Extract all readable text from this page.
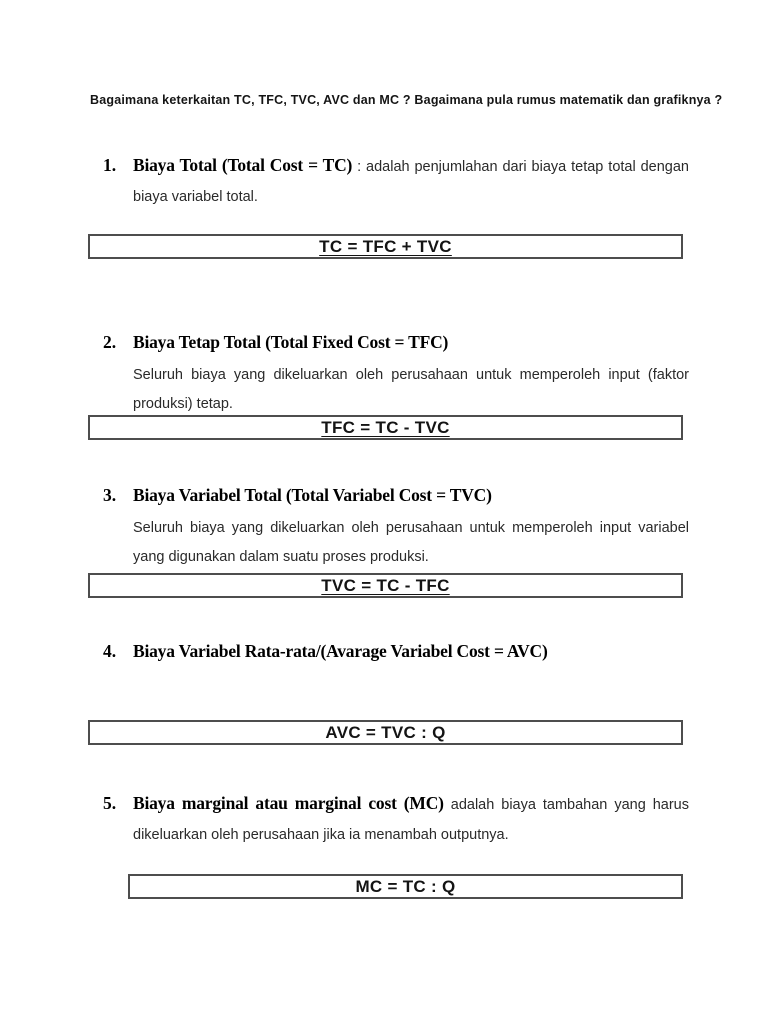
Bagaimana keterkaitan TC, TFC, TVC, AVC dan MC ? Bagaimana pula rumus matematik dan grafiknya ?
1. Biaya Total (Total Cost = TC) : adalah penjumlahan dari biaya tetap total dengan biaya variabel total.
TC = TFC + TVC
2. Biaya Tetap Total (Total Fixed Cost = TFC)
Seluruh biaya yang dikeluarkan oleh perusahaan untuk memperoleh input (faktor produksi) tetap.
TFC = TC - TVC
3. Biaya Variabel Total (Total Variabel Cost = TVC)
Seluruh biaya yang dikeluarkan oleh perusahaan untuk memperoleh input variabel yang digunakan dalam suatu proses produksi.
TVC = TC - TFC
4. Biaya Variabel Rata-rata/(Avarage Variabel Cost = AVC)
AVC = TVC : Q
5. Biaya marginal atau marginal cost (MC) adalah biaya tambahan yang harus dikeluarkan oleh perusahaan jika ia menambah outputnya.
MC = TC : Q
